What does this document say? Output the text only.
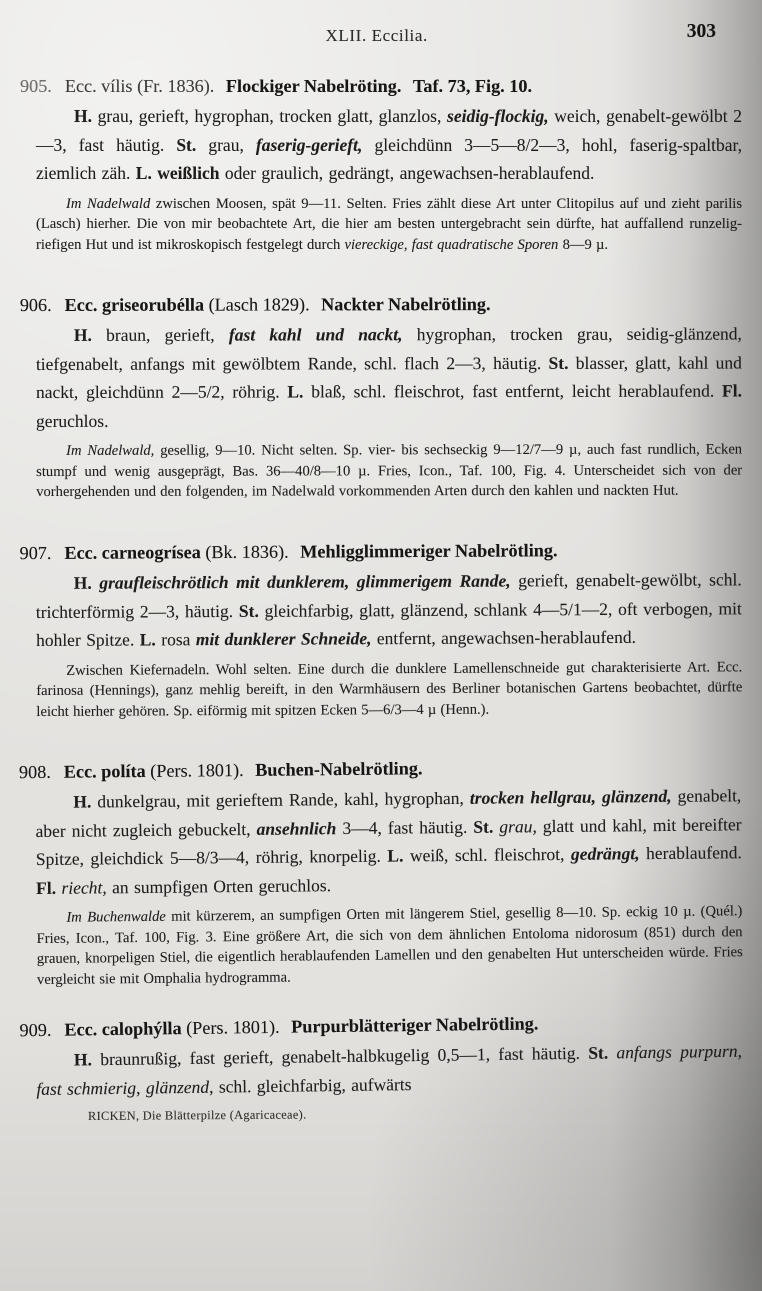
XLII. Eccilia.	303
905. Ecc. vílis (Fr. 1836). Flockiger Nabelröting. Taf. 73, Fig. 10.

H. grau, gerieft, hygrophan, trocken glatt, glanzlos, seidig-flockig, weich, genabelt-gewölbt 2—3, fast häutig. St. grau, faserig-gerieft, gleichdünn 3—5—8/2—3, hohl, faserig-spaltbar, ziemlich zäh. L. weißlich oder graulich, gedrängt, angewachsen-herablaufend.

Im Nadelwald zwischen Moosen, spät 9—11. Selten. Fries zählt diese Art unter Clitopilus auf und zieht parilis (Lasch) hierher. Die von mir beobachtete Art, die hier am besten untergebracht sein dürfte, hat auffallend runzelig-riefigen Hut und ist mikroskopisch festgelegt durch viereckige, fast quadratische Sporen 8—9 µ.

906. Ecc. griseorubélla (Lasch 1829). Nackter Nabelrötling.

H. braun, gerieft, fast kahl und nackt, hygrophan, trocken grau, seidig-glänzend, tiefgenabelt, anfangs mit gewölbtem Rande, schl. flach 2—3, häutig. St. blasser, glatt, kahl und nackt, gleichdünn 2—5/2, röhrig. L. blaß, schl. fleischrot, fast entfernt, leicht herablaufend. Fl. geruchlos.

Im Nadelwald, gesellig, 9—10. Nicht selten. Sp. vier- bis sechseckig 9—12/7—9 µ, auch fast rundlich, Ecken stumpf und wenig ausgeprägt, Bas. 36—40/8—10 µ. Fries, Icon., Taf. 100, Fig. 4. Unterscheidet sich von der vorhergehenden und den folgenden, im Nadelwald vorkommenden Arten durch den kahlen und nackten Hut.

907. Ecc. carneogrísea (Bk. 1836). Mehligglimmeriger Nabelrötling.

H. graufleischrötlich mit dunklerem, glimmerigem Rande, gerieft, genabelt-gewölbt, schl. trichterförmig 2—3, häutig. St. gleichfarbig, glatt, glänzend, schlank 4—5/1—2, oft verbogen, mit hohler Spitze. L. rosa mit dunklerer Schneide, entfernt, angewachsen-herablaufend.

Zwischen Kiefernadeln. Wohl selten. Eine durch die dunklere Lamellenschneide gut charakterisierte Art. Ecc. farinosa (Hennings), ganz mehlig bereift, in den Warmhäusern des Berliner botanischen Gartens beobachtet, dürfte leicht hierher gehören. Sp. eiförmig mit spitzen Ecken 5—6/3—4 µ (Henn.).

908. Ecc. políta (Pers. 1801). Buchen-Nabelrötling.

H. dunkelgrau, mit gerieftem Rande, kahl, hygrophan, trocken hellgrau, glänzend, genabelt, aber nicht zugleich gebuckelt, ansehnlich 3—4, fast häutig. St. grau, glatt und kahl, mit bereifter Spitze, gleichdick 5—8/3—4, röhrig, knorpelig. L. weiß, schl. fleischrot, gedrängt, herablaufend. Fl. riecht, an sumpfigen Orten geruchlos.

Im Buchenwalde mit kürzerem, an sumpfigen Orten mit längerem Stiel, gesellig 8—10. Sp. eckig 10 µ. (Quél.) Fries, Icon., Taf. 100, Fig. 3. Eine größere Art, die sich von dem ähnlichen Entoloma nidorosum (851) durch den grauen, knorpeligen Stiel, die eigentlich herablaufenden Lamellen und den genabelten Hut unterscheiden würde. Fries vergleicht sie mit Omphalia hydrogramma.

909. Ecc. calophýlla (Pers. 1801). Purpurblätteriger Nabelrötling.

H. braunrußig, fast gerieft, genabelt-halbkugelig 0,5—1, fast häutig. St. anfangs purpurn, fast schmierig, glänzend, schl. gleichfarbig, aufwärts

RICKEN, Die Blätterpilze (Agaricaceae).
